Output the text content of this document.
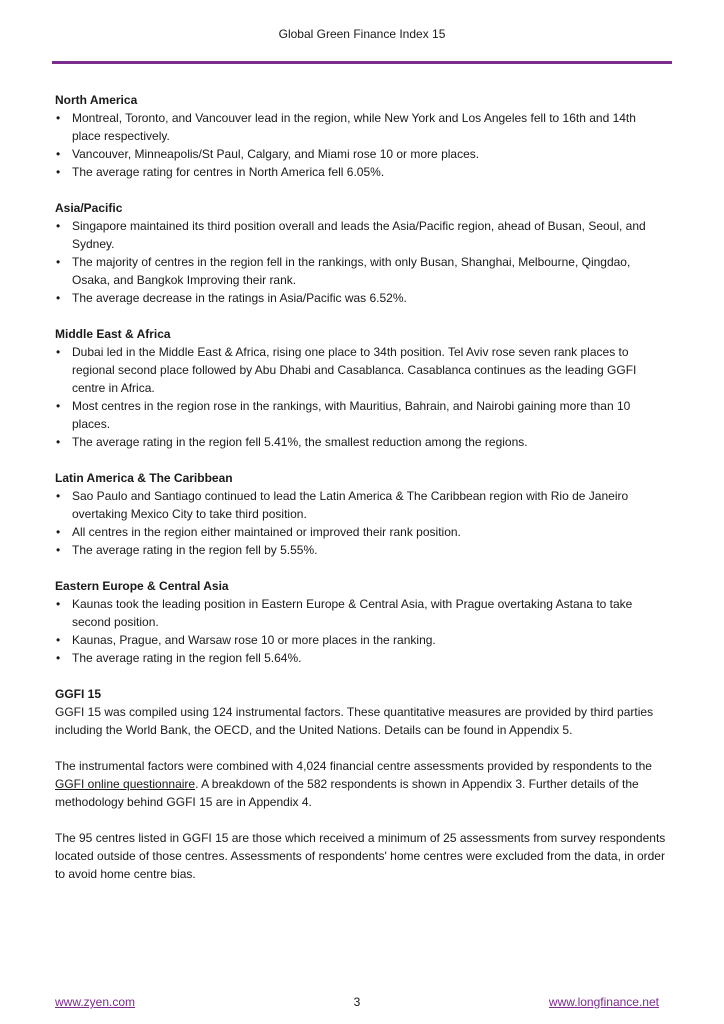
Global Green Finance Index 15
North America
• Montreal, Toronto, and Vancouver lead in the region, while New York and Los Angeles fell to 16th and 14th place respectively.
• Vancouver, Minneapolis/St Paul, Calgary, and Miami rose 10 or more places.
• The average rating for centres in North America fell 6.05%.
Asia/Pacific
• Singapore maintained its third position overall and leads the Asia/Pacific region, ahead of Busan, Seoul, and Sydney.
• The majority of centres in the region fell in the rankings, with only Busan, Shanghai, Melbourne, Qingdao, Osaka, and Bangkok Improving their rank.
• The average decrease in the ratings in Asia/Pacific was 6.52%.
Middle East & Africa
• Dubai led in the Middle East & Africa, rising one place to 34th position. Tel Aviv rose seven rank places to regional second place followed by Abu Dhabi and Casablanca. Casablanca continues as the leading GGFI centre in Africa.
• Most centres in the region rose in the rankings, with Mauritius, Bahrain, and Nairobi gaining more than 10 places.
• The average rating in the region fell 5.41%, the smallest reduction among the regions.
Latin America & The Caribbean
• Sao Paulo and Santiago continued to lead the Latin America & The Caribbean region with Rio de Janeiro overtaking Mexico City to take third position.
• All centres in the region either maintained or improved their rank position.
• The average rating in the region fell by 5.55%.
Eastern Europe & Central Asia
• Kaunas took the leading position in Eastern Europe & Central Asia, with Prague overtaking Astana to take second position.
• Kaunas, Prague, and Warsaw rose 10 or more places in the ranking.
• The average rating in the region fell 5.64%.
GGFI 15

GGFI 15 was compiled using 124 instrumental factors. These quantitative measures are provided by third parties including the World Bank, the OECD, and the United Nations. Details can be found in Appendix 5.

The instrumental factors were combined with 4,024 financial centre assessments provided by respondents to the GGFI online questionnaire. A breakdown of the 582 respondents is shown in Appendix 3. Further details of the methodology behind GGFI 15 are in Appendix 4.

The 95 centres listed in GGFI 15 are those which received a minimum of 25 assessments from survey respondents located outside of those centres. Assessments of respondents' home centres were excluded from the data, in order to avoid home centre bias.

www.zyen.com	3	www.longfinance.net
